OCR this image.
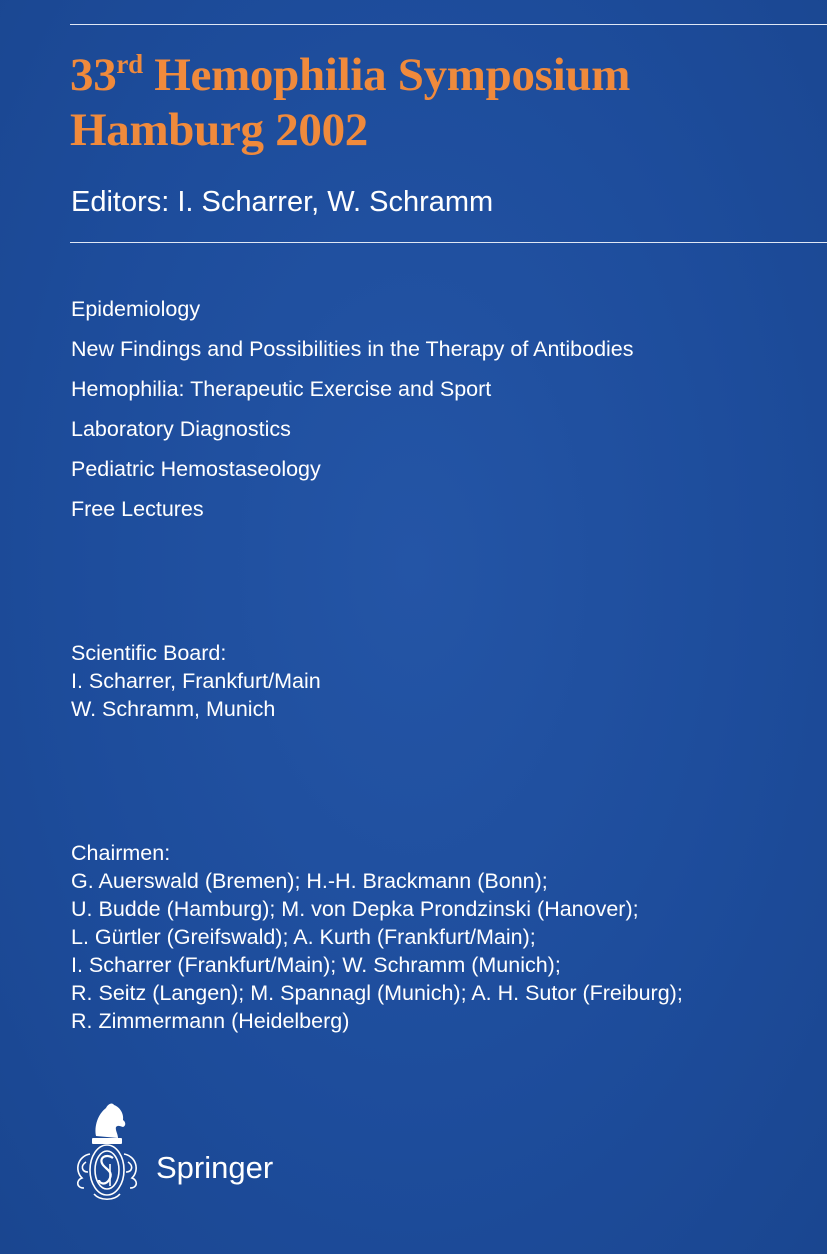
33rd Hemophilia Symposium
Hamburg 2002
Editors: I. Scharrer, W. Schramm
Epidemiology
New Findings and Possibilities in the Therapy of Antibodies
Hemophilia: Therapeutic Exercise and Sport
Laboratory Diagnostics
Pediatric Hemostaseology
Free Lectures
Scientific Board:
I. Scharrer, Frankfurt/Main
W. Schramm, Munich
Chairmen:
G. Auerswald (Bremen); H.-H. Brackmann (Bonn);
U. Budde (Hamburg); M. von Depka Prondzinski (Hanover);
L. Gürtler (Greifswald); A. Kurth (Frankfurt/Main);
I. Scharrer (Frankfurt/Main); W. Schramm (Munich);
R. Seitz (Langen); M. Spannagl (Munich); A. H. Sutor (Freiburg);
R. Zimmermann (Heidelberg)
Springer
